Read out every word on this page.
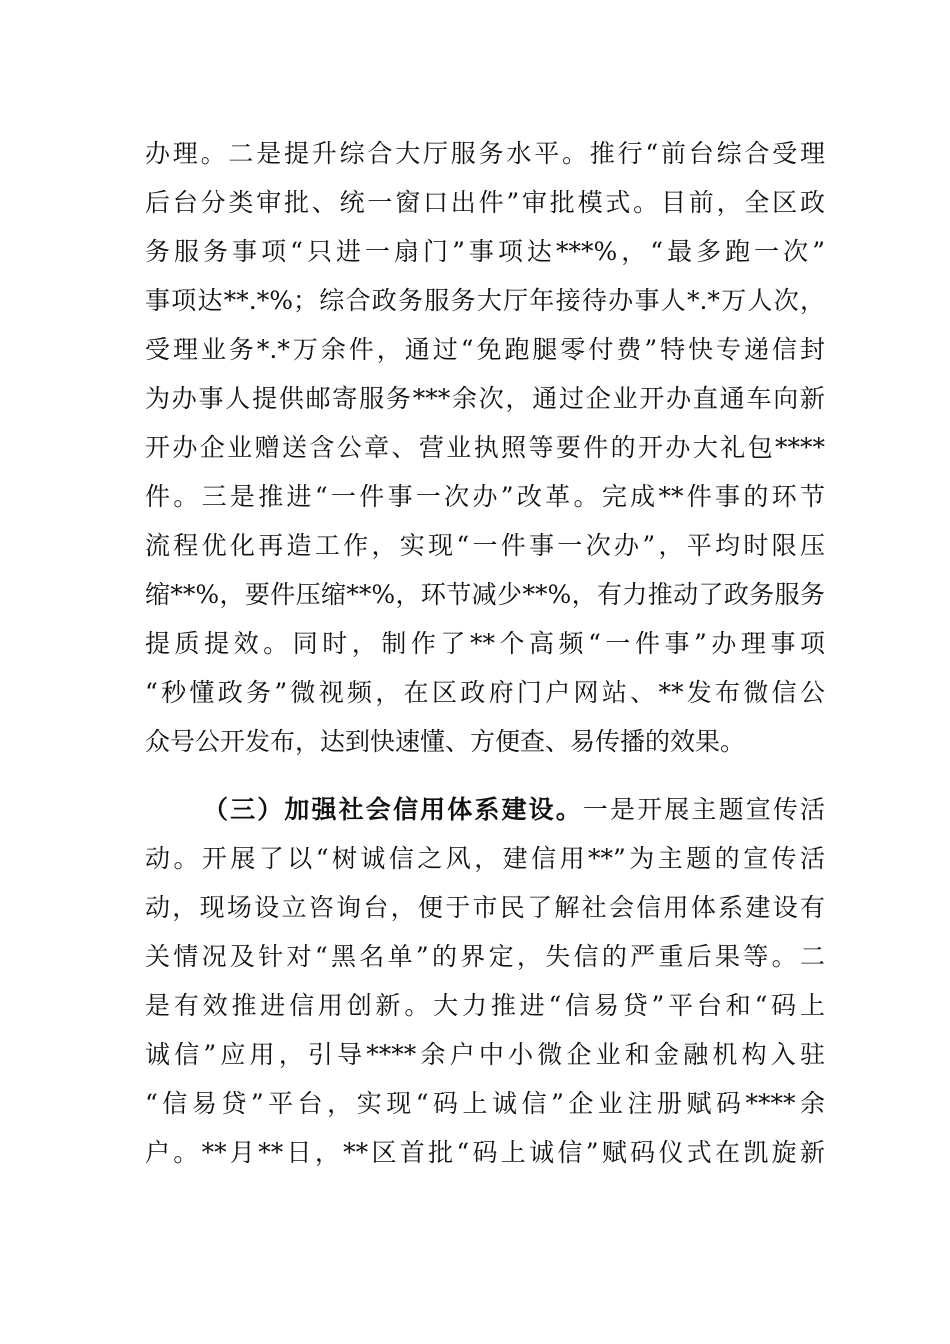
办理。二是提升综合大厅服务水平。推行“前台综合受理
后台分类审批、统一窗口出件”审批模式。目前，全区政
务服务事项“只进一扇门”事项达***%，“最多跑一次”
事项达**.*%；综合政务服务大厅年接待办事人*.*万人次，
受理业务*.*万余件，通过“免跑腿零付费”特快专递信封
为办事人提供邮寄服务***余次，通过企业开办直通车向新
开办企业赠送含公章、营业执照等要件的开办大礼包****
件。三是推进“一件事一次办”改革。完成**件事的环节
流程优化再造工作，实现“一件事一次办”，平均时限压
缩**%，要件压缩**%，环节减少**%，有力推动了政务服务
提质提效。同时，制作了**个高频“一件事”办理事项
“秒懂政务”微视频，在区政府门户网站、**发布微信公
众号公开发布，达到快速懂、方便查、易传播的效果。
（三）加强社会信用体系建设。一是开展主题宣传活
动。开展了以“树诚信之风，建信用**”为主题的宣传活
动，现场设立咨询台，便于市民了解社会信用体系建设有
关情况及针对“黑名单”的界定，失信的严重后果等。二
是有效推进信用创新。大力推进“信易贷”平台和“码上
诚信”应用，引导****余户中小微企业和金融机构入驻
“信易贷”平台，实现“码上诚信”企业注册赋码****余
户。**月**日，**区首批“码上诚信”赋码仪式在凯旋新
